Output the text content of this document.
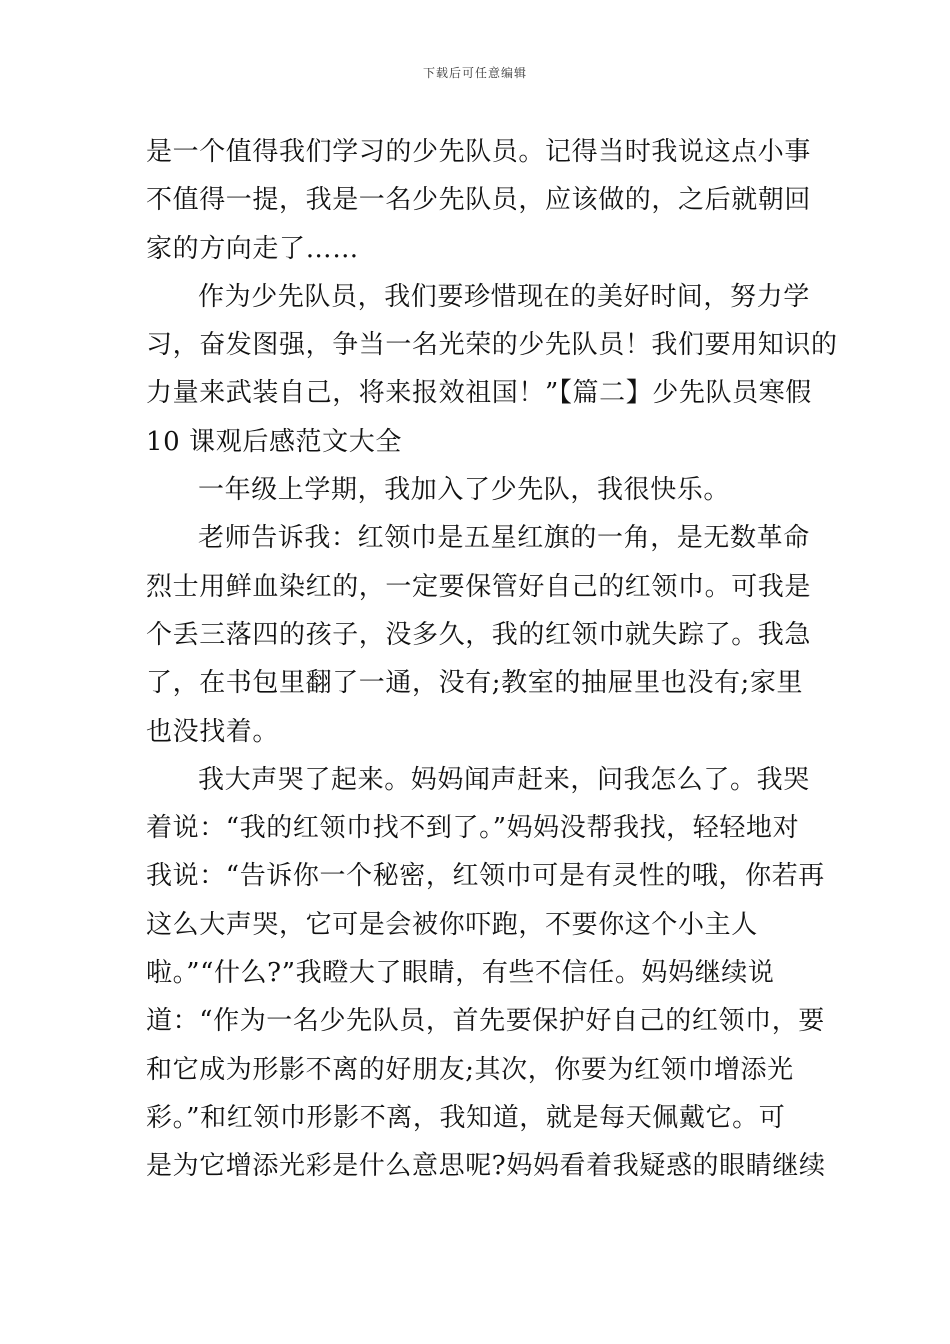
下载后可任意编辑
是一个值得我们学习的少先队员。记得当时我说这点小事
不值得一提，我是一名少先队员，应该做的，之后就朝回
家的方向走了……
作为少先队员，我们要珍惜现在的美好时间，努力学
习，奋发图强，争当一名光荣的少先队员！我们要用知识的
力量来武装自己，将来报效祖国！”【篇二】少先队员寒假
10 课观后感范文大全
一年级上学期，我加入了少先队，我很快乐。
老师告诉我：红领巾是五星红旗的一角，是无数革命
烈士用鲜血染红的，一定要保管好自己的红领巾。可我是
个丢三落四的孩子，没多久，我的红领巾就失踪了。我急
了，在书包里翻了一通，没有;教室的抽屉里也没有;家里
也没找着。
我大声哭了起来。妈妈闻声赶来，问我怎么了。我哭
着说：“我的红领巾找不到了。”妈妈没帮我找，轻轻地对
我说：“告诉你一个秘密，红领巾可是有灵性的哦，你若再
这么大声哭，它可是会被你吓跑，不要你这个小主人
啦。”“什么?”我瞪大了眼睛，有些不信任。妈妈继续说
道：“作为一名少先队员，首先要保护好自己的红领巾，要
和它成为形影不离的好朋友;其次，你要为红领巾增添光
彩。”和红领巾形影不离，我知道，就是每天佩戴它。可
是为它增添光彩是什么意思呢?妈妈看着我疑惑的眼睛继续
